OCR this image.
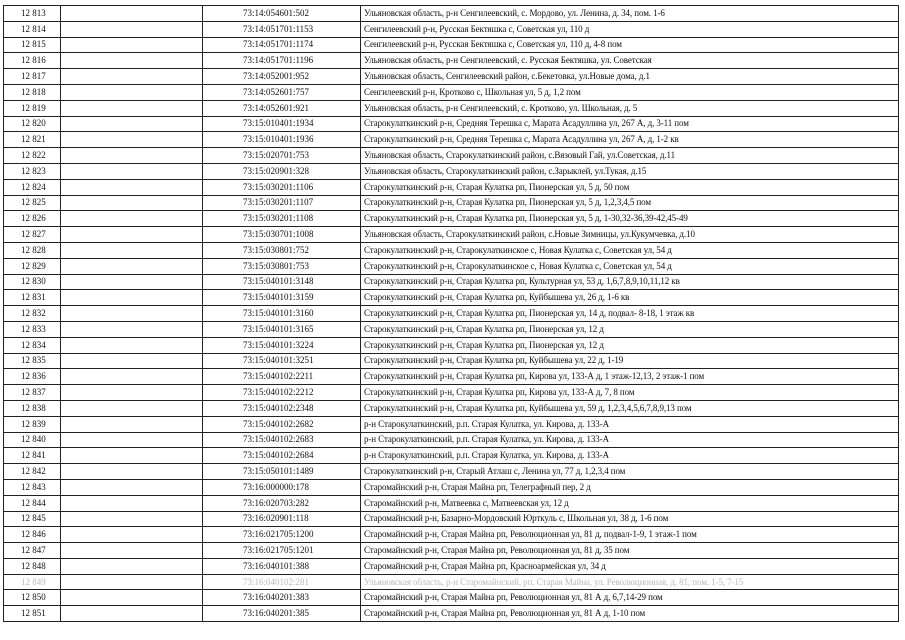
12 813		73:14:054601:502	Ульяновская область, р-н Сенгилеевский, с. Мордово, ул. Ленина, д. 34, пом. 1-6
12 814		73:14:051701:1153	Сенгилеевский р-н, Русская Бектяшка с, Советская ул, 110 д
12 815		73:14:051701:1174	Сенгилеевский р-н, Русская Бектяшка с, Советская ул, 110 д, 4-8 пом
12 816		73:14:051701:1196	Ульяновская область, р-н Сенгилеевский, с. Русская Бектяшка, ул. Советская
12 817		73:14:052001:952	Ульяновская область, Сенгилеевский район, с.Бекетовка, ул.Новые дома, д.1
12 818		73:14:052601:757	Сенгилеевский р-н, Кротково с, Школьная ул, 5 д, 1,2 пом
12 819		73:14:052601:921	Ульяновская область, р-н Сенгилеевский, с. Кротково, ул. Школьная, д. 5
12 820		73:15:010401:1934	Старокулаткинский р-н, Средняя Терешка с, Марата Асадуллина ул, 267 А, д, 3-11 пом
12 821		73:15:010401:1936	Старокулаткинский р-н, Средняя Терешка с, Марата Асадуллина ул, 267 А, д, 1-2 кв
12 822		73:15:020701:753	Ульяновская область, Старокулаткинский район, с.Вязовый Гай, ул.Советская, д.11
12 823		73:15:020901:328	Ульяновская область, Старокулаткинский район, с.Зарыклей, ул.Тукая, д.15
12 824		73:15:030201:1106	Старокулаткинский р-н, Старая Кулатка рп, Пионерская ул, 5 д, 50 пом
12 825		73:15:030201:1107	Старокулаткинский р-н, Старая Кулатка рп, Пионерская ул, 5 д, 1,2,3,4,5 пом
12 826		73:15:030201:1108	Старокулаткинский р-н, Старая Кулатка рп, Пионерская ул, 5 д, 1-30,32-36,39-42,45-49
12 827		73:15:030701:1008	Ульяновская область, Старокулаткинский район, с.Новые Зимницы, ул.Кукумчевка, д.10
12 828		73:15:030801:752	Старокулаткинский р-н, Старокулаткинское с, Новая Кулатка с, Советская ул, 54 д
12 829		73:15:030801:753	Старокулаткинский р-н, Старокулаткинское с, Новая Кулатка с, Советская ул, 54 д
12 830		73:15:040101:3148	Старокулаткинский р-н, Старая Кулатка рп, Культурная ул, 53 д, 1,6,7,8,9,10,11,12 кв
12 831		73:15:040101:3159	Старокулаткинский р-н, Старая Кулатка рп, Куйбышева ул, 26 д, 1-6 кв
12 832		73:15:040101:3160	Старокулаткинский р-н, Старая Кулатка рп, Пионерская ул, 14 д, подвал- 8-18, 1 этаж кв
12 833		73:15:040101:3165	Старокулаткинский р-н, Старая Кулатка рп, Пионерская ул, 12 д
12 834		73:15:040101:3224	Старокулаткинский р-н, Старая Кулатка рп, Пионерская ул, 12 д
12 835		73:15:040101:3251	Старокулаткинский р-н, Старая Кулатка рп, Куйбышева ул, 22 д, 1-19
12 836		73:15:040102:2211	Старокулаткинский р-н, Старая Кулатка рп, Кирова ул, 133-А д, 1 этаж-12,13, 2 этаж-1 пом
12 837		73:15:040102:2212	Старокулаткинский р-н, Старая Кулатка рп, Кирова ул, 133-А д, 7, 8 пом
12 838		73:15:040102:2348	Старокулаткинский р-н, Старая Кулатка рп, Куйбышева ул, 59 д, 1,2,3,4,5,6,7,8,9,13 пом
12 839		73:15:040102:2682	р-н Старокулаткинский, р.п. Старая Кулатка, ул. Кирова, д. 133-А
12 840		73:15:040102:2683	р-н Старокулаткинский, р.п. Старая Кулатка, ул. Кирова, д. 133-А
12 841		73:15:040102:2684	р-н Старокулаткинский, р.п. Старая Кулатка, ул. Кирова, д. 133-А
12 842		73:15:050101:1489	Старокулаткинский р-н, Старый Атлаш с, Ленина ул, 77 д, 1,2,3,4 пом
12 843		73:16:000000:178	Старомайнский р-н, Старая Майна рп, Телеграфный пер, 2 д
12 844		73:16:020703:282	Старомайнский р-н, Матвеевка с, Матвеевская ул, 12 д
12 845		73:16:020901:118	Старомайнский р-н, Базарно-Мордовский Юрткуль с, Школьная ул, 38 д, 1-6 пом
12 846		73:16:021705:1200	Старомайнский р-н, Старая Майна рп, Революционная ул, 81 д, подвал-1-9, 1 этаж-1 пом
12 847		73:16:021705:1201	Старомайнский р-н, Старая Майна рп, Революционная ул, 81 д, 35 пом
12 848		73:16:040101:388	Старомайнский р-н, Старая Майна рп, Красноармейская ул, 34 д
12 849		73:16:040102:281	Ульяновская область, р-н Старомайнский, рп. Старая Майна, ул. Революционная, д. 81, пом. 1-5, 7-15
12 850		73:16:040201:383	Старомайнский р-н, Старая Майна рп, Революционная ул, 81 А д, 6,7,14-29 пом
12 851		73:16:040201:385	Старомайнский р-н, Старая Майна рп, Революционная ул, 81 А д, 1-10 пом
